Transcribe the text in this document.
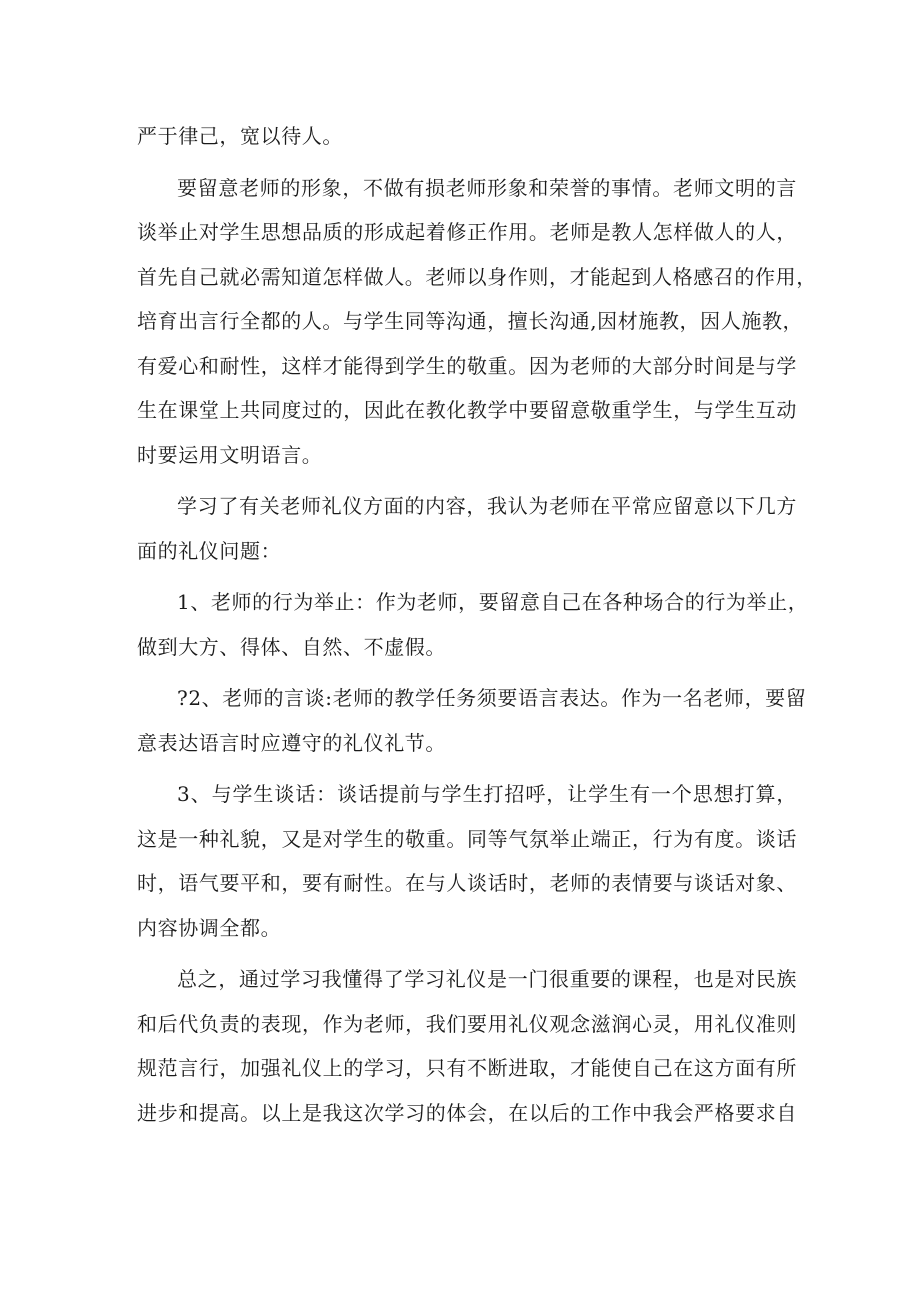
严于律己，宽以待人。
要留意老师的形象，不做有损老师形象和荣誉的事情。老师文明的言
谈举止对学生思想品质的形成起着修正作用。老师是教人怎样做人的人，
首先自己就必需知道怎样做人。老师以身作则，才能起到人格感召的作用，
培育出言行全都的人。与学生同等沟通，擅长沟通,因材施教，因人施教，
有爱心和耐性，这样才能得到学生的敬重。因为老师的大部分时间是与学
生在课堂上共同度过的，因此在教化教学中要留意敬重学生，与学生互动
时要运用文明语言。
学习了有关老师礼仪方面的内容，我认为老师在平常应留意以下几方
面的礼仪问题：
1、老师的行为举止：作为老师，要留意自己在各种场合的行为举止，
做到大方、得体、自然、不虚假。
?2、老师的言谈:老师的教学任务须要语言表达。作为一名老师，要留
意表达语言时应遵守的礼仪礼节。
3、与学生谈话：谈话提前与学生打招呼，让学生有一个思想打算，
这是一种礼貌，又是对学生的敬重。同等气氛举止端正，行为有度。谈话
时，语气要平和，要有耐性。在与人谈话时，老师的表情要与谈话对象、
内容协调全都。
总之，通过学习我懂得了学习礼仪是一门很重要的课程，也是对民族
和后代负责的表现，作为老师，我们要用礼仪观念滋润心灵，用礼仪准则
规范言行，加强礼仪上的学习，只有不断进取，才能使自己在这方面有所
进步和提高。以上是我这次学习的体会，在以后的工作中我会严格要求自
